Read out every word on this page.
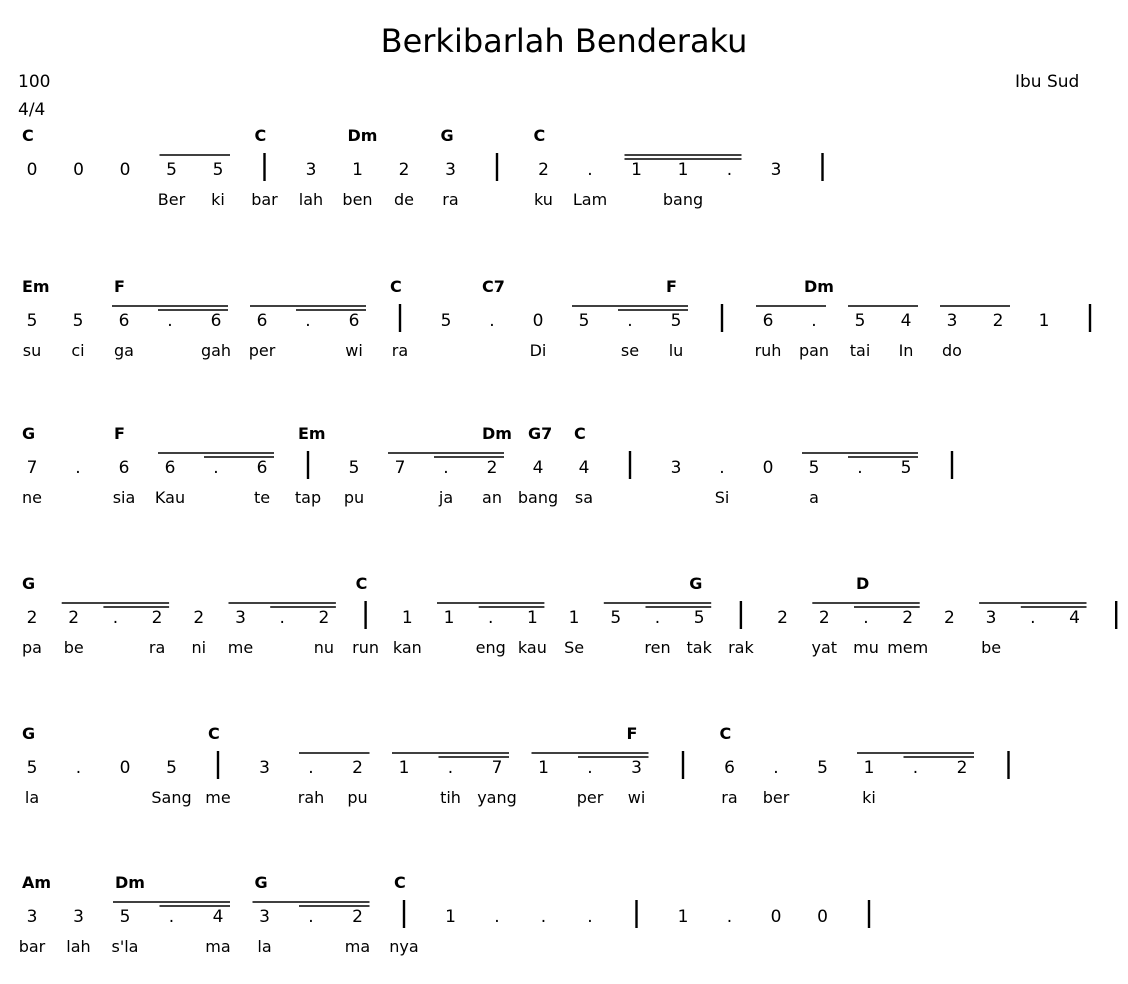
Berkibarlah Benderaku
100
4/4
Ibu Sud
0 0 0 5 5	3 1 2 3	2 . 1 1 . 3
C	C	Dm	G	C
Ber ki bar lah ben de ra	ku Lam	bang
5 5 6 . 6 6 . 6	5 . 0 5 . 5	6 . 5 4 3 2 1
Em	F	C	C7	F	Dm
su ci ga	gah per	wi ra	Di	se lu	ruh pan tai In do
7 . 6 6 . 6	5 7 . 2 4 4	3 . 0 5 . 5
G	F	Em	Dm G7 C
ne	sia Kau	te tap pu	ja an bang sa	Si	a
2 2 . 2 2 3 . 2	1 1 . 1 1 5 . 5	2 2 . 2 2 3 . 4
G	C	G	D
pa be	ra ni me	nu run kan	eng kau Se	ren tak rak	yat mu mem	be
5 . 0 5	3 . 2 1 . 7 1 . 3	6 . 5 1 . 2
G	C	F	C
la	Sang me	rah pu	tih yang	per wi	ra ber	ki
3 3 5 . 4 3 . 2	1 . . .	1 . 0 0
Am	Dm	G	C
bar lah s'la	ma la	ma nya
